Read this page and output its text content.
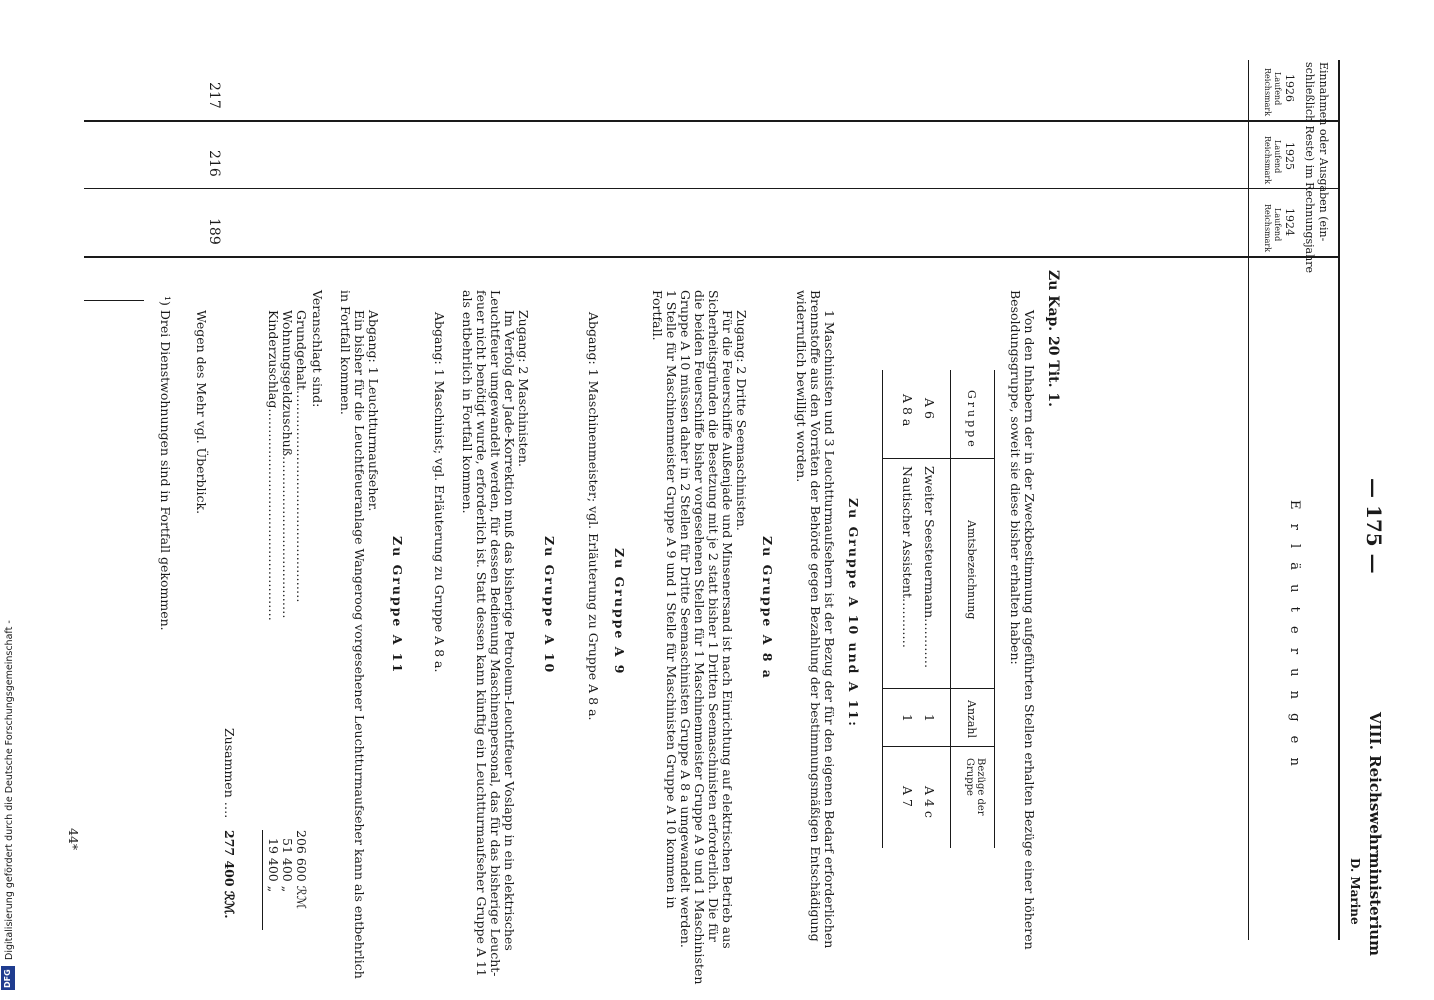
VIII. Reichswehrministerium
D. Marine
— 175 —
E r l ä u t e r u n g e n
Einnahmen oder Ausgaben (ein-
schließlich Reste) im Rechnungsjahre
1926
1925
1924
Laufend
Reichsmark
Laufend
Reichsmark
Laufend
Reichsmark
217
216
189
Zu Kap. 20 Tit. 1.
Von den Inhabern der in der Zweckbestimmung aufgeführten Stellen erhalten Bezüge einer höheren
Besoldungsgruppe, soweit sie diese bisher erhalten haben:
Gruppe
Amtsbezeichnung
Anzahl
Bezüge der Gruppe
A 6
Zweiter Seesteuermann…………
1
A 4 c
A 8 a
Nautischer Assistent…………
1
A 7
Zu Gruppe A 10 und A 11:
1 Maschinisten und 3 Leuchtturmaufsehern ist der Bezug der für den eigenen Bedarf erforderlichen
Brennstoffe aus den Vorräten der Behörde gegen Bezahlung der bestimmungsmäßigen Entschädigung
widerruflich bewilligt worden.
Zu Gruppe A 8 a
Zugang: 2 Dritte Seemaschinisten.
Für die Feuerschiffe Außenjade und Minsenersand ist nach Einrichtung auf elektrischen Betrieb aus
Sicherheitsgründen die Besetzung mit je 2 statt bisher 1 Dritten Seemaschinisten erforderlich. Die für
die beiden Feuerschiffe bisher vorgesehenen Stellen für 1 Maschinenmeister Gruppe A 9 und 1 Maschinisten
Gruppe A 10 müssen daher in 2 Stellen für Dritte Seemaschinisten Gruppe A 8 a umgewandelt werden.
1 Stelle für Maschinenmeister Gruppe A 9 und 1 Stelle für Maschinisten Gruppe A 10 kommen in
Fortfall.
Zu Gruppe A 9
Abgang: 1 Maschinenmeister; vgl. Erläuterung zu Gruppe A 8 a.
Zu Gruppe A 10
Zugang: 2 Maschinisten.
Im Verfolg der Jade-Korrektion muß das bisherige Petroleum-Leuchtfeuer Voslapp in ein elektrisches
Leuchtfeuer umgewandelt werden, für dessen Bedienung Maschinenpersonal, das für das bisherige Leucht-
feuer nicht benötigt wurde, erforderlich ist. Statt dessen kann künftig ein Leuchtturmaufseher Gruppe A 11
als entbehrlich in Fortfall kommen.
Abgang: 1 Maschinist; vgl. Erläuterung zu Gruppe A 8 a.
Zu Gruppe A 11
Abgang: 1 Leuchtturmaufseher.
Ein bisher für die Leuchtfeueranlage Wangeroog vorgesehener Leuchtturmaufseher kann als entbehrlich
in Fortfall kommen.
Veranschlagt sind:
Grundgehalt……………………………………………
206 600 ℛℳ
Wohnungsgeldzuschuß…………………………………
51 400 „
Kinderzuschlag……………………………………………
19 400 „
Zusammen ….
277 400 ℛℳ.
Wegen des Mehr vgl. Überblick.
¹) Drei Dienstwohnungen sind in Fortfall gekommen.
44*
Digitalisierung gefördert durch die Deutsche Forschungsgemeinschaft -
DFG
